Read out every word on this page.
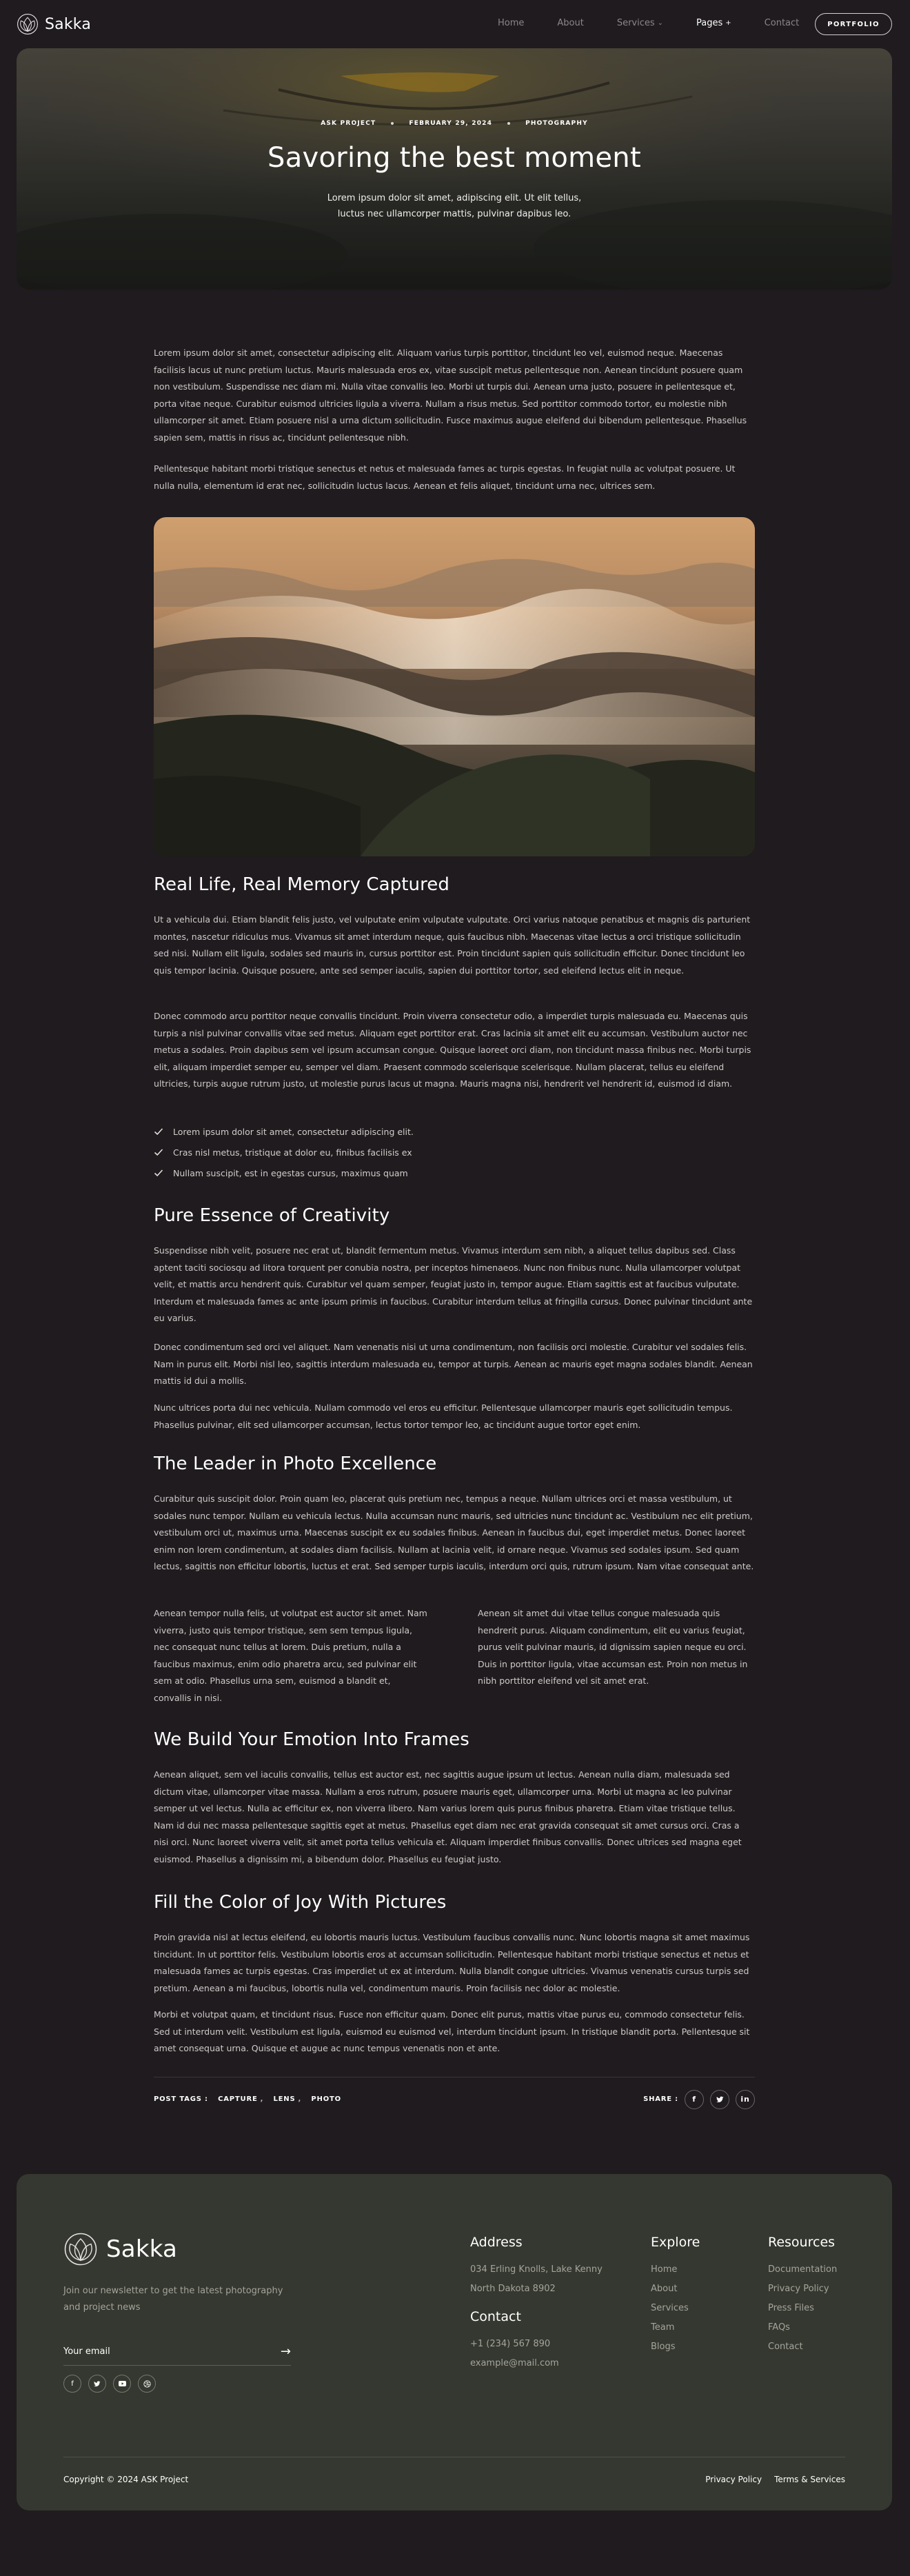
Sakka	Home	About	Services ⌄	Pages +	Contact	PORTFOLIO
ASK PROJECT	FEBRUARY 29, 2024	PHOTOGRAPHY
Savoring the best moment

Lorem ipsum dolor sit amet, adipiscing elit. Ut elit tellus, luctus nec ullamcorper mattis, pulvinar dapibus leo.

Lorem ipsum dolor sit amet, consectetur adipiscing elit. Aliquam varius turpis porttitor, tincidunt leo vel, euismod neque. Maecenas facilisis lacus ut nunc pretium luctus. Mauris malesuada eros ex, vitae suscipit metus pellentesque non. Aenean tincidunt posuere quam non vestibulum. Suspendisse nec diam mi. Nulla vitae convallis leo. Morbi ut turpis dui. Aenean urna justo, posuere in pellentesque et, porta vitae neque. Curabitur euismod ultricies ligula a viverra. Nullam a risus metus. Sed porttitor commodo tortor, eu molestie nibh ullamcorper sit amet. Etiam posuere nisl a urna dictum sollicitudin. Fusce maximus augue eleifend dui bibendum pellentesque. Phasellus sapien sem, mattis in risus ac, tincidunt pellentesque nibh.

Pellentesque habitant morbi tristique senectus et netus et malesuada fames ac turpis egestas. In feugiat nulla ac volutpat posuere. Ut nulla nulla, elementum id erat nec, sollicitudin luctus lacus. Aenean et felis aliquet, tincidunt urna nec, ultrices sem.

Real Life, Real Memory Captured

Ut a vehicula dui. Etiam blandit felis justo, vel vulputate enim vulputate vulputate. Orci varius natoque penatibus et magnis dis parturient montes, nascetur ridiculus mus. Vivamus sit amet interdum neque, quis faucibus nibh. Maecenas vitae lectus a orci tristique sollicitudin sed nisi. Nullam elit ligula, sodales sed mauris in, cursus porttitor est. Proin tincidunt sapien quis sollicitudin efficitur. Donec tincidunt leo quis tempor lacinia. Quisque posuere, ante sed semper iaculis, sapien dui porttitor tortor, sed eleifend lectus elit in neque.

Donec commodo arcu porttitor neque convallis tincidunt. Proin viverra consectetur odio, a imperdiet turpis malesuada eu. Maecenas quis turpis a nisl pulvinar convallis vitae sed metus. Aliquam eget porttitor erat. Cras lacinia sit amet elit eu accumsan. Vestibulum auctor nec metus a sodales. Proin dapibus sem vel ipsum accumsan congue. Quisque laoreet orci diam, non tincidunt massa finibus nec. Morbi turpis elit, aliquam imperdiet semper eu, semper vel diam. Praesent commodo scelerisque scelerisque. Nullam placerat, tellus eu eleifend ultricies, turpis augue rutrum justo, ut molestie purus lacus ut magna. Mauris magna nisi, hendrerit vel hendrerit id, euismod id diam.

Lorem ipsum dolor sit amet, consectetur adipiscing elit.
Cras nisl metus, tristique at dolor eu, finibus facilisis ex
Nullam suscipit, est in egestas cursus, maximus quam
Pure Essence of Creativity

Suspendisse nibh velit, posuere nec erat ut, blandit fermentum metus. Vivamus interdum sem nibh, a aliquet tellus dapibus sed. Class aptent taciti sociosqu ad litora torquent per conubia nostra, per inceptos himenaeos. Nunc non finibus nunc. Nulla ullamcorper volutpat velit, et mattis arcu hendrerit quis. Curabitur vel quam semper, feugiat justo in, tempor augue. Etiam sagittis est at faucibus vulputate. Interdum et malesuada fames ac ante ipsum primis in faucibus. Curabitur interdum tellus at fringilla cursus. Donec pulvinar tincidunt ante eu varius.

Donec condimentum sed orci vel aliquet. Nam venenatis nisi ut urna condimentum, non facilisis orci molestie. Curabitur vel sodales felis. Nam in purus elit. Morbi nisl leo, sagittis interdum malesuada eu, tempor at turpis. Aenean ac mauris eget magna sodales blandit. Aenean mattis id dui a mollis.

Nunc ultrices porta dui nec vehicula. Nullam commodo vel eros eu efficitur. Pellentesque ullamcorper mauris eget sollicitudin tempus. Phasellus pulvinar, elit sed ullamcorper accumsan, lectus tortor tempor leo, ac tincidunt augue tortor eget enim.

The Leader in Photo Excellence

Curabitur quis suscipit dolor. Proin quam leo, placerat quis pretium nec, tempus a neque. Nullam ultrices orci et massa vestibulum, ut sodales nunc tempor. Nullam eu vehicula lectus. Nulla accumsan nunc mauris, sed ultricies nunc tincidunt ac. Vestibulum nec elit pretium, vestibulum orci ut, maximus urna. Maecenas suscipit ex eu sodales finibus. Aenean in faucibus dui, eget imperdiet metus. Donec laoreet enim non lorem condimentum, at sodales diam facilisis. Nullam at lacinia velit, id ornare neque. Vivamus sed sodales ipsum. Sed quam lectus, sagittis non efficitur lobortis, luctus et erat. Sed semper turpis iaculis, interdum orci quis, rutrum ipsum. Nam vitae consequat ante.

Aenean tempor nulla felis, ut volutpat est auctor sit amet. Nam viverra, justo quis tempor tristique, sem sem tempus ligula, nec consequat nunc tellus at lorem. Duis pretium, nulla a faucibus maximus, enim odio pharetra arcu, sed pulvinar elit sem at odio. Phasellus urna sem, euismod a blandit et, convallis in nisi.

Aenean sit amet dui vitae tellus congue malesuada quis hendrerit purus. Aliquam condimentum, elit eu varius feugiat, purus velit pulvinar mauris, id dignissim sapien neque eu orci. Duis in porttitor ligula, vitae accumsan est. Proin non metus in nibh porttitor eleifend vel sit amet erat.

We Build Your Emotion Into Frames

Aenean aliquet, sem vel iaculis convallis, tellus est auctor est, nec sagittis augue ipsum ut lectus. Aenean nulla diam, malesuada sed dictum vitae, ullamcorper vitae massa. Nullam a eros rutrum, posuere mauris eget, ullamcorper urna. Morbi ut magna ac leo pulvinar semper ut vel lectus. Nulla ac efficitur ex, non viverra libero. Nam varius lorem quis purus finibus pharetra. Etiam vitae tristique tellus. Nam id dui nec massa pellentesque sagittis eget at metus. Phasellus eget diam nec erat gravida consequat sit amet cursus orci. Cras a nisi orci. Nunc laoreet viverra velit, sit amet porta tellus vehicula et. Aliquam imperdiet finibus convallis. Donec ultrices sed magna eget euismod. Phasellus a dignissim mi, a bibendum dolor. Phasellus eu feugiat justo.

Fill the Color of Joy With Pictures

Proin gravida nisl at lectus eleifend, eu lobortis mauris luctus. Vestibulum faucibus convallis nunc. Nunc lobortis magna sit amet maximus tincidunt. In ut porttitor felis. Vestibulum lobortis eros at accumsan sollicitudin. Pellentesque habitant morbi tristique senectus et netus et malesuada fames ac turpis egestas. Cras imperdiet ut ex at interdum. Nulla blandit congue ultricies. Vivamus venenatis cursus turpis sed pretium. Aenean a mi faucibus, lobortis nulla vel, condimentum mauris. Proin facilisis nec dolor ac molestie.

Morbi et volutpat quam, et tincidunt risus. Fusce non efficitur quam. Donec elit purus, mattis vitae purus eu, commodo consectetur felis. Sed ut interdum velit. Vestibulum est ligula, euismod eu euismod vel, interdum tincidunt ipsum. In tristique blandit porta. Pellentesque sit amet consequat urna. Quisque et augue ac nunc tempus venenatis non et ante.

POST TAGS : CAPTURE , LENS , PHOTO	SHARE :	f	in
Sakka

Join our newsletter to get the latest photography and project news

Your email
→
f
Address
034 Erling Knolls, Lake Kenny
North Dakota 8902
Contact
+1 (234) 567 890
example@mail.com
Explore
Home
About
Services
Team
Blogs
Resources
Documentation
Privacy Policy
Press Files
FAQs
Contact
Copyright © 2024 ASK Project	Privacy Policy Terms & Services
